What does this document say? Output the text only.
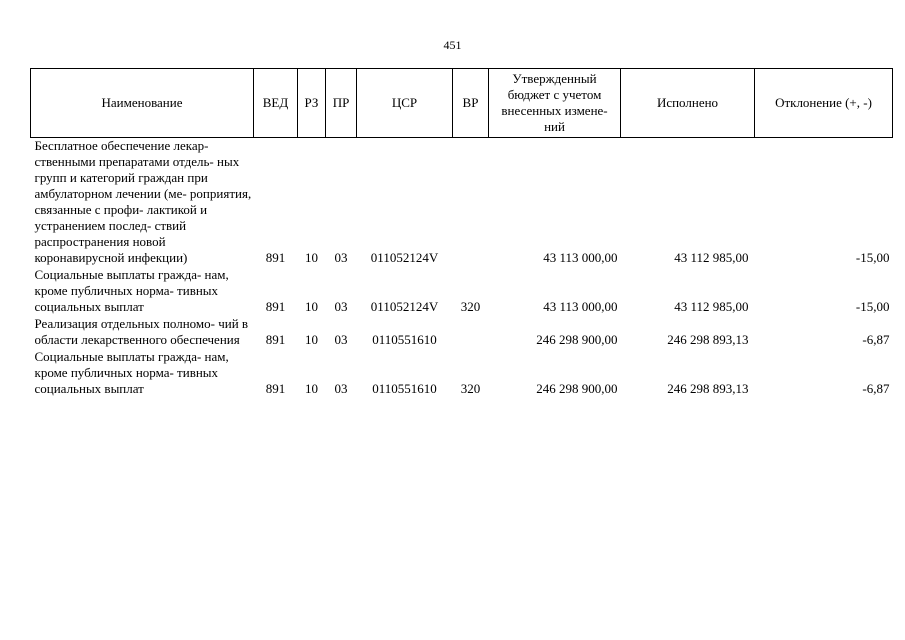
451
Наименование	ВЕД	РЗ	ПР	ЦСР	ВР	Утвержденный бюджет с учетом внесенных измене- ний	Исполнено	Отклонение (+, -)
Бесплатное обеспечение лекар- ственными препаратами отдель- ных групп и категорий граждан при амбулаторном лечении (ме- роприятия, связанные с профи- лактикой и устранением послед- ствий распространения новой коронавирусной инфекции)	891	10	03	011052124V		43 113 000,00	43 112 985,00	-15,00
Социальные выплаты гражда- нам, кроме публичных норма- тивных социальных выплат	891	10	03	011052124V	320	43 113 000,00	43 112 985,00	-15,00
Реализация отдельных полномо- чий в области лекарственного обеспечения	891	10	03	0110551610		246 298 900,00	246 298 893,13	-6,87
Социальные выплаты гражда- нам, кроме публичных норма- тивных социальных выплат	891	10	03	0110551610	320	246 298 900,00	246 298 893,13	-6,87
